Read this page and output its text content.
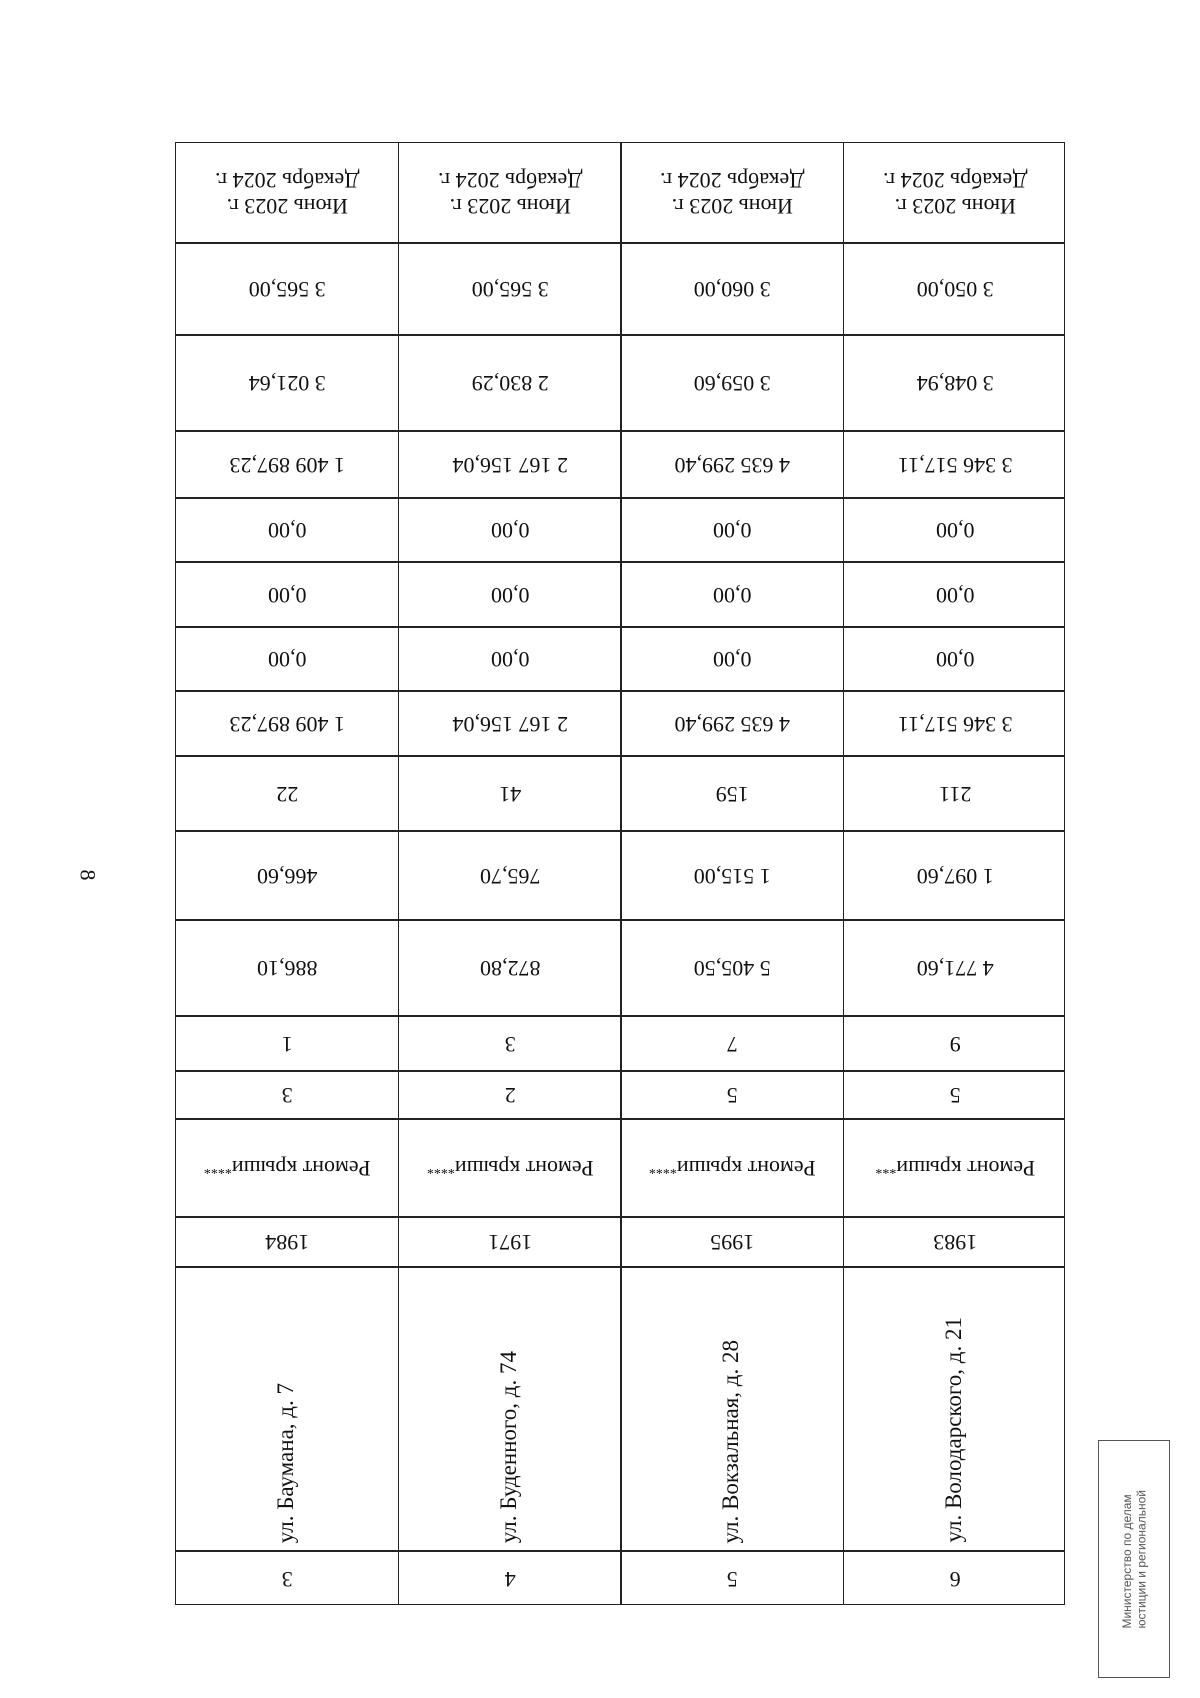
8
Июнь 2023 г.
Декабрь 2024 г.
3 565,00
3 021,64
1 409 897,23
0,00
0,00
0,00
1 409 897,23
22
466,60
886,10
1
3
Ремонт крыши
****
1984
ул. Баумана, д. 7
3
Июнь 2023 г.
Декабрь 2024 г.
3 565,00
2 830,29
2 167 156,04
0,00
0,00
0,00
2 167 156,04
41
765,70
872,80
3
2
Ремонт крыши
****
1971
ул. Буденного, д. 74
4
Июнь 2023 г.
Декабрь 2024 г.
3 060,00
3 059,60
4 635 299,40
0,00
0,00
0,00
4 635 299,40
159
1 515,00
5 405,50
7
5
Ремонт крыши
****
1995
ул. Вокзальная, д. 28
5
Июнь 2023 г.
Декабрь 2024 г.
3 050,00
3 048,94
3 346 517,11
0,00
0,00
0,00
3 346 517,11
211
1 097,60
4 771,60
9
5
Ремонт крыши
***
1983
ул. Володарского, д. 21
6	Министерство по делам
юстиции и региональной
